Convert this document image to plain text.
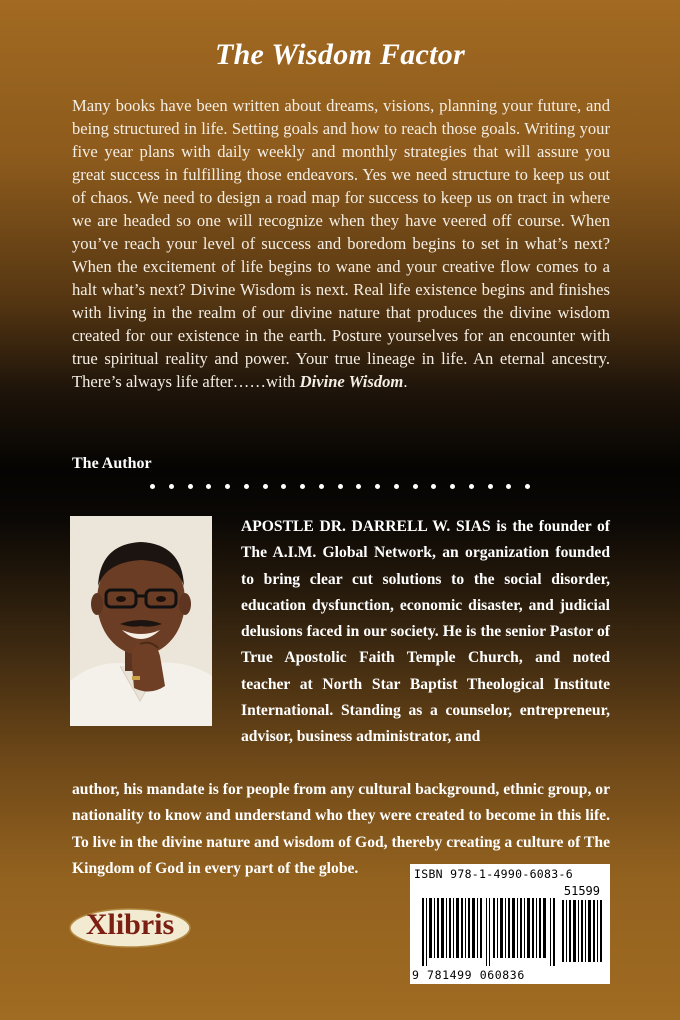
The Wisdom Factor
Many books have been written about dreams, visions, planning your future, and being structured in life. Setting goals and how to reach those goals. Writing your five year plans with daily weekly and monthly strategies that will assure you great success in fulfilling those endeavors. Yes we need structure to keep us out of chaos. We need to design a road map for success to keep us on tract in where we are headed so one will recognize when they have veered off course. When you’ve reach your level of success and boredom begins to set in what’s next? When the excitement of life begins to wane and your creative flow comes to a halt what’s next? Divine Wisdom is next. Real life existence begins and finishes with living in the realm of our divine nature that produces the divine wisdom created for our existence in the earth. Posture yourselves for an encounter with true spiritual reality and power. Your true lineage in life. An eternal ancestry. There’s always life after……with Divine Wisdom.
The Author
APOSTLE DR. DARRELL W. SIAS is the founder of The A.I.M. Global Network, an organization founded to bring clear cut solutions to the social disorder, education dysfunction, economic disaster, and judicial delusions faced in our society. He is the senior Pastor of True Apostolic Faith Temple Church, and noted teacher at North Star Baptist Theological Institute International. Standing as a counselor, entrepreneur, advisor, business administrator, and
author, his mandate is for people from any cultural background, ethnic group, or nationality to know and understand who they were created to become in this life. To live in the divine nature and wisdom of God, thereby creating a culture of The Kingdom of God in every part of the globe.	ISBN 978-1-4990-6083-6
51599
9 781499 060836
Xlibris
